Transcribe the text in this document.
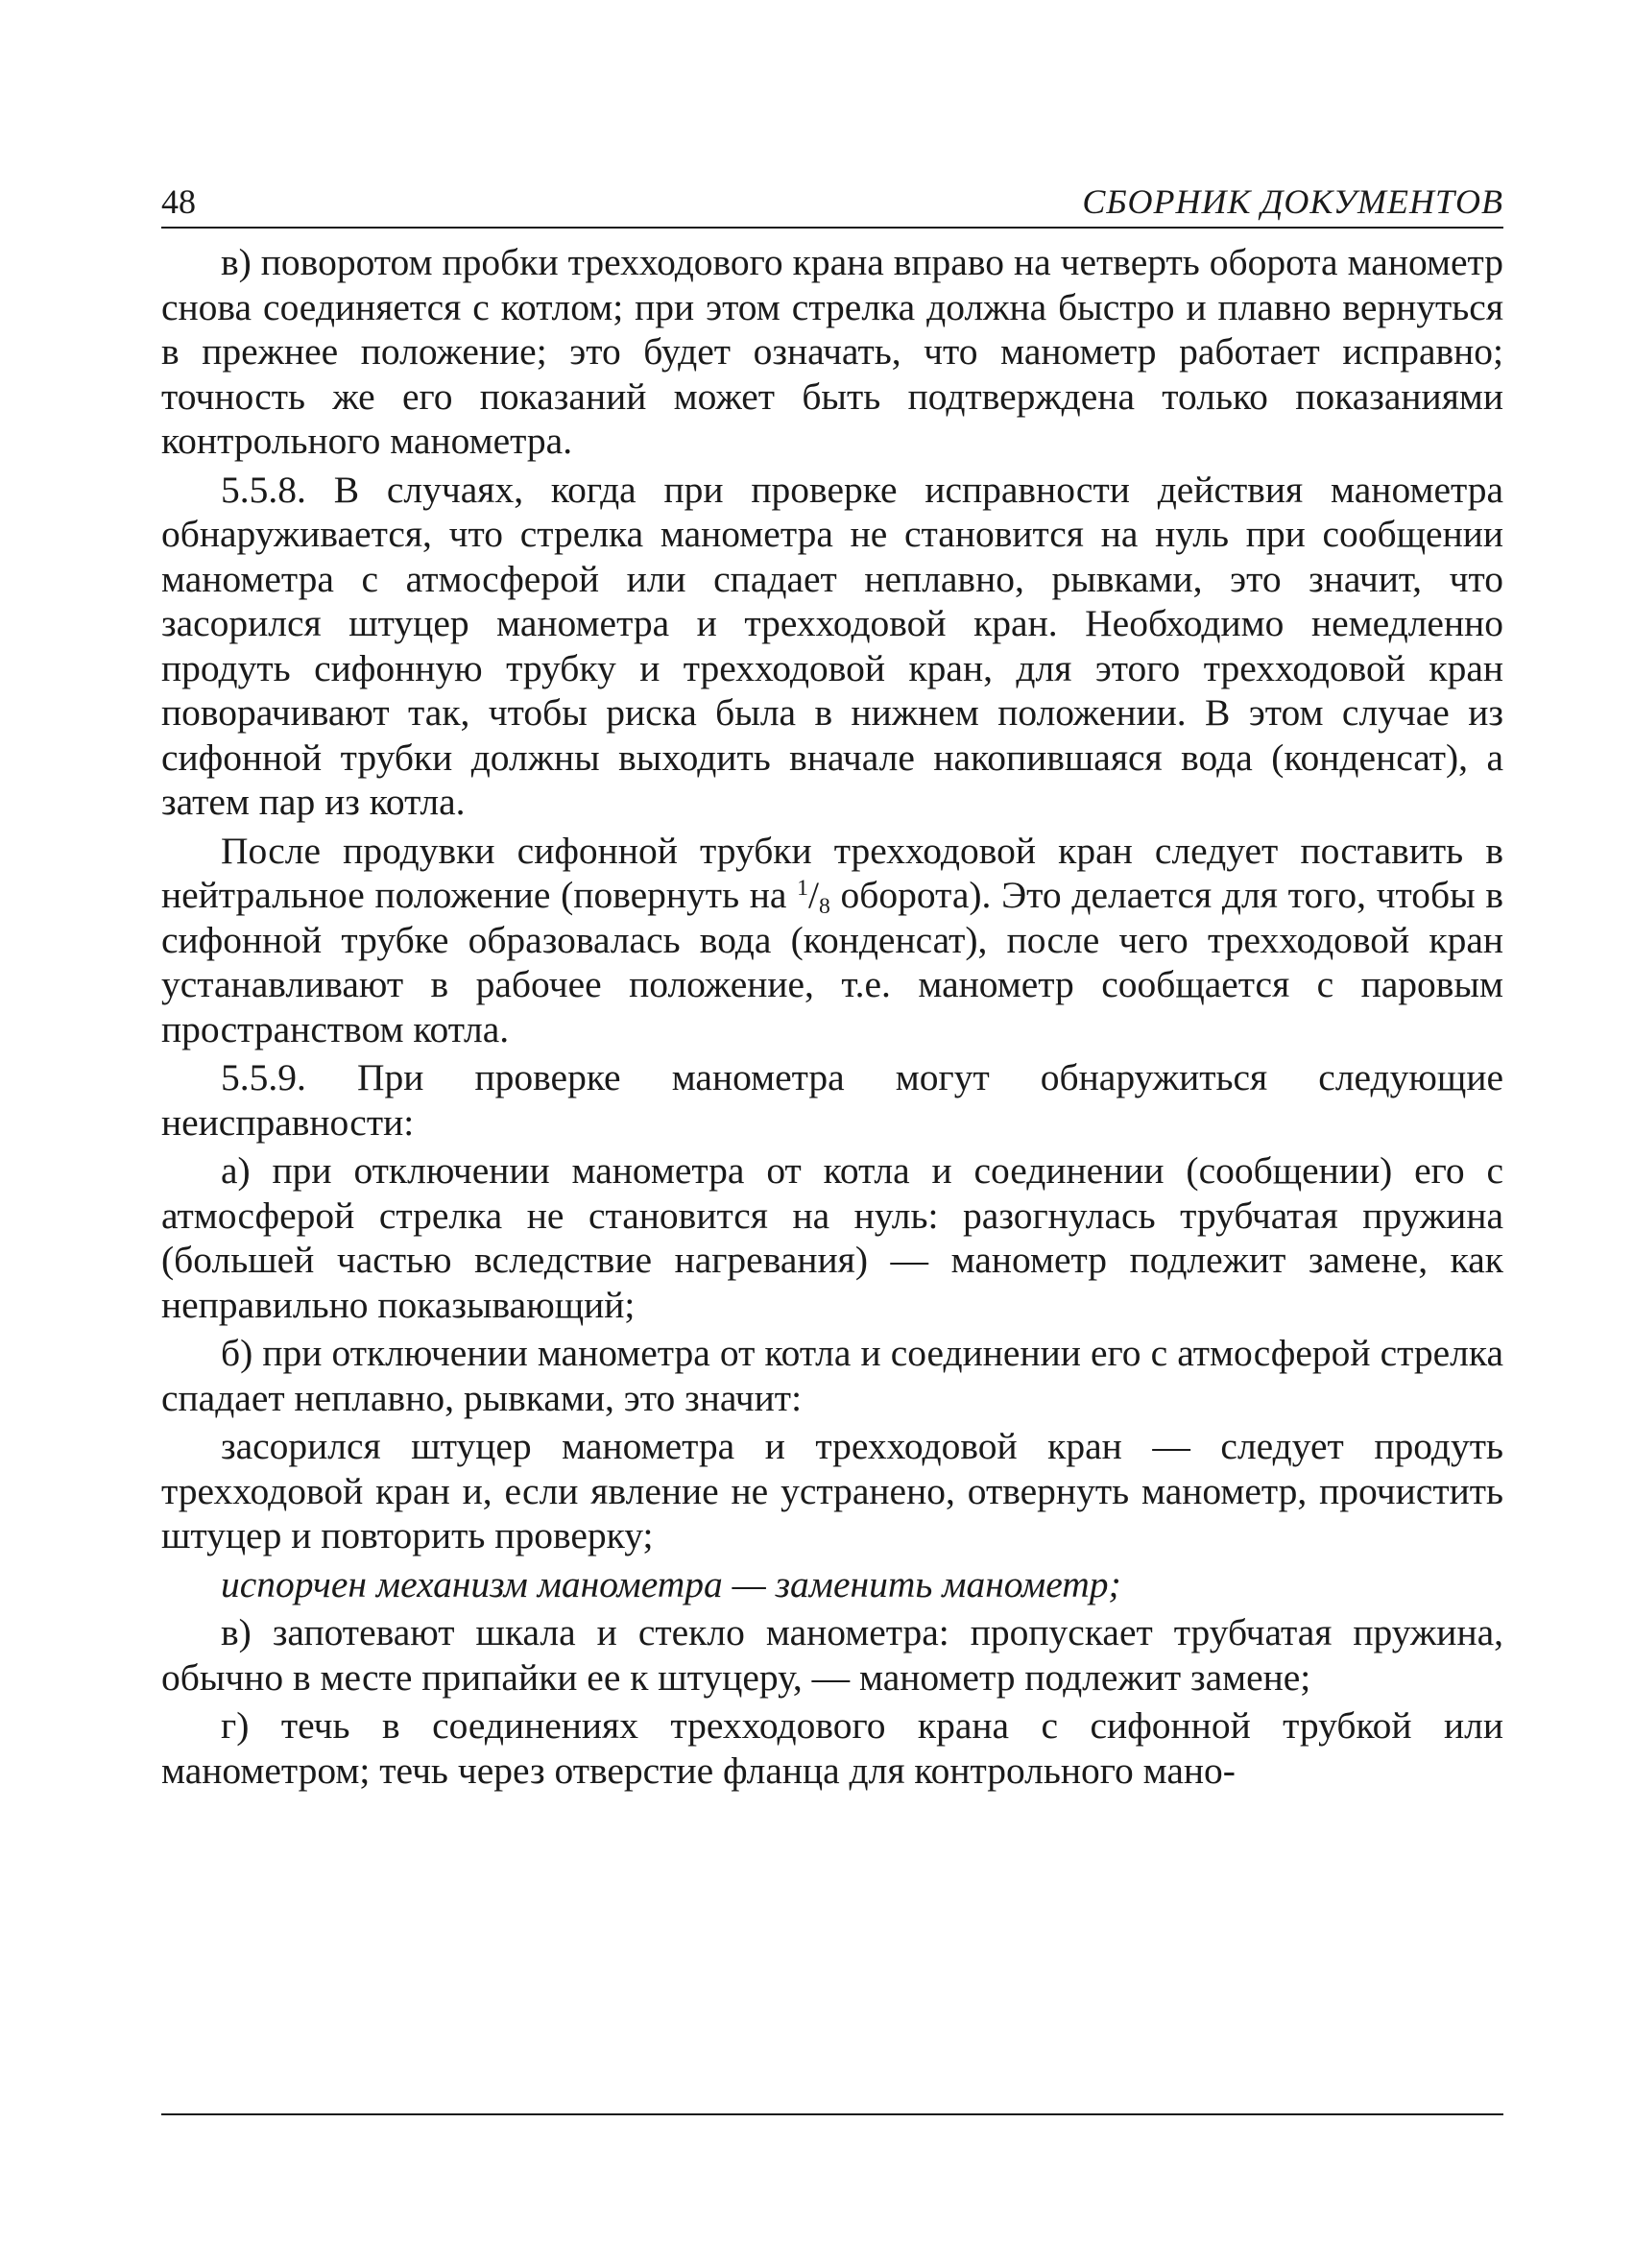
48	СБОРНИК ДОКУМЕНТОВ

в) поворотом пробки трехходового крана вправо на четверть оборота манометр снова соединяется с котлом; при этом стрелка должна быстро и плавно вернуться в прежнее положение; это будет означать, что манометр работает исправно; точность же его показаний может быть подтверждена только показаниями контрольного манометра.

5.5.8. В случаях, когда при проверке исправности действия манометра обнаруживается, что стрелка манометра не становится на нуль при сообщении манометра с атмосферой или спадает неплавно, рывками, это значит, что засорился штуцер манометра и трехходовой кран. Необходимо немедленно продуть сифонную трубку и трехходовой кран, для этого трехходовой кран поворачивают так, чтобы риска была в нижнем положении. В этом случае из сифонной трубки должны выходить вначале накопившаяся вода (конденсат), а затем пар из котла.

После продувки сифонной трубки трехходовой кран следует поставить в нейтральное положение (повернуть на $^1$/8 оборота). Это делается для того, чтобы в сифонной трубке образовалась вода (конденсат), после чего трехходовой кран устанавливают в рабочее положение, т.е. манометр сообщается с паровым пространством котла.

5.5.9. При проверке манометра могут обнаружиться следующие неисправности:

а) при отключении манометра от котла и соединении (сообщении) его с атмосферой стрелка не становится на нуль: разогнулась трубчатая пружина (большей частью вследствие нагревания) — манометр подлежит замене, как неправильно показывающий;

б) при отключении манометра от котла и соединении его с атмосферой стрелка спадает неплавно, рывками, это значит:

засорился штуцер манометра и трехходовой кран — следует продуть трехходовой кран и, если явление не устранено, отвернуть манометр, прочистить штуцер и повторить проверку;

испорчен механизм манометра — заменить манометр;

в) запотевают шкала и стекло манометра: пропускает трубчатая пружина, обычно в месте припайки ее к штуцеру, — манометр подлежит замене;

г) течь в соединениях трехходового крана с сифонной трубкой или манометром; течь через отверстие фланца для контрольного мано-
